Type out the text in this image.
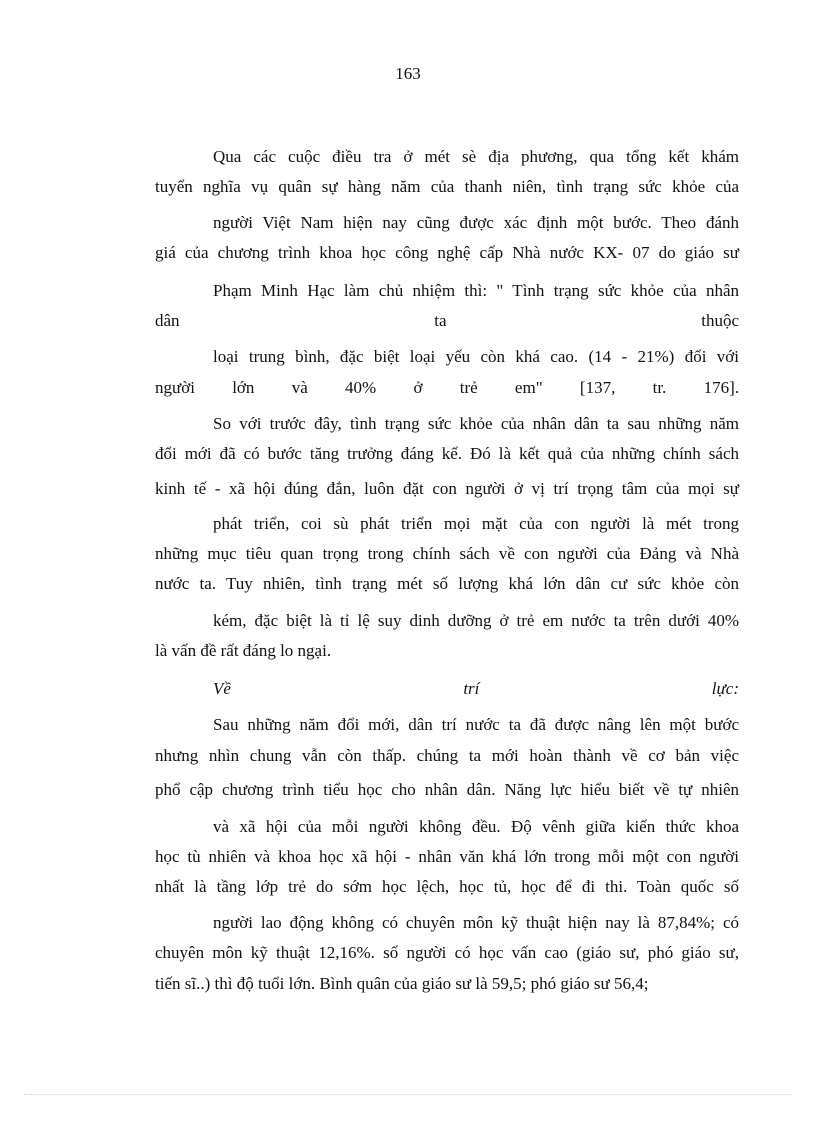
163
Qua các cuộc điều tra ở mét sè địa phương, qua tổng kết khám
tuyển nghĩa vụ quân sự hàng năm của thanh niên, tình trạng sức khỏe của
người Việt Nam hiện nay cũng được xác định một bước. Theo đánh
giá của chương trình khoa học công nghệ cấp Nhà nước KX- 07 do giáo sư
Phạm Minh Hạc làm chủ nhiệm thì: " Tình trạng sức khỏe của nhân
dân ta thuộc
loại trung bình, đặc biệt loại yếu còn khá cao. (14 - 21%) đối với
người lớn và 40% ở trẻ em" [137, tr. 176].
So với trước đây, tình trạng sức khỏe của nhân dân ta sau những năm
đổi mới đã có bước tăng trưởng đáng kể. Đó là kết quả của những chính sách
kinh tế - xã hội đúng đắn, luôn đặt con người ở vị trí trọng tâm của mọi sự
phát triển, coi sù phát triển mọi mặt của con người là mét trong
những mục tiêu quan trọng trong chính sách về con người của Đảng và Nhà
nước ta. Tuy nhiên, tình trạng mét số lượng khá lớn dân cư sức khỏe còn
kém, đặc biệt là tỉ lệ suy dinh dưỡng ở trẻ em nước ta trên dưới 40%
là vấn đề rất đáng lo ngại.
Về trí lực:
Sau những năm đổi mới, dân trí nước ta đã được nâng lên một bước
nhưng nhìn chung vẫn còn thấp. chúng ta mới hoàn thành về cơ bản việc
phổ cập chương trình tiểu học cho nhân dân. Năng lực hiểu biết về tự nhiên
và xã hội của mỗi người không đều. Độ vênh giữa kiến thức khoa
học tù nhiên và khoa học xã hội - nhân văn khá lớn trong mỗi một con người
nhất là tầng lớp trẻ do sớm học lệch, học tủ, học để đi thi. Toàn quốc số
người lao động không có chuyên môn kỹ thuật hiện nay là 87,84%; có
chuyên môn kỹ thuật 12,16%. số người có học vấn cao (giáo sư, phó giáo sư,
tiến sĩ..) thì độ tuổi lớn. Bình quân của giáo sư là 59,5; phó giáo sư 56,4;
